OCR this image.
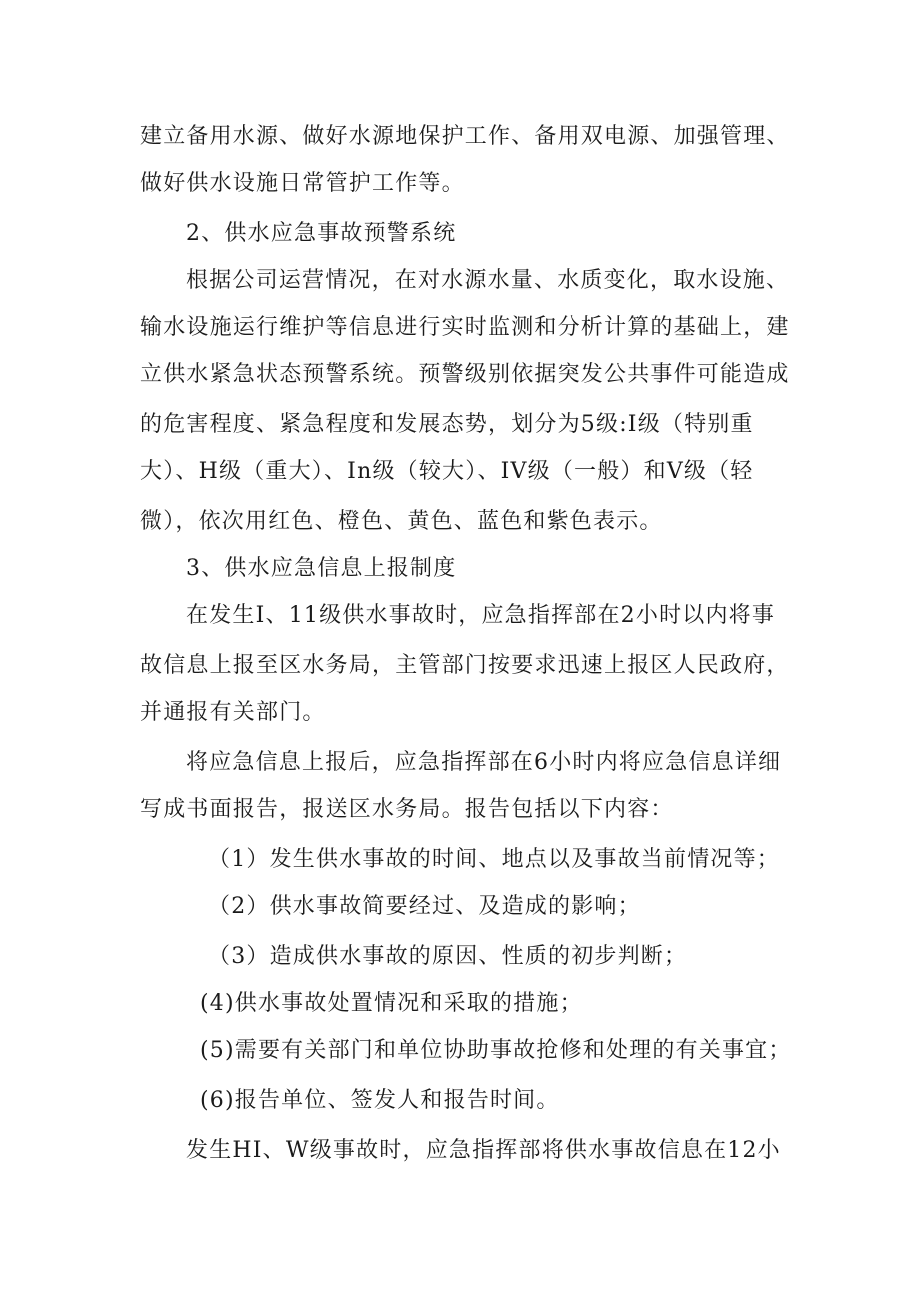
建立备用水源、做好水源地保护工作、备用双电源、加强管理、
做好供水设施日常管护工作等。
2、供水应急事故预警系统
根据公司运营情况，在对水源水量、水质变化，取水设施、
输水设施运行维护等信息进行实时监测和分析计算的基础上，建
立供水紧急状态预警系统。预警级别依据突发公共事件可能造成
的危害程度、紧急程度和发展态势，划分为5级:I级（特别重
大）、H级（重大）、In级（较大）、IV级（一般）和V级（轻
微），依次用红色、橙色、黄色、蓝色和紫色表示。
3、供水应急信息上报制度
在发生I、11级供水事故时，应急指挥部在2小时以内将事
故信息上报至区水务局，主管部门按要求迅速上报区人民政府，
并通报有关部门。
将应急信息上报后，应急指挥部在6小时内将应急信息详细
写成书面报告，报送区水务局。报告包括以下内容：
（1）发生供水事故的时间、地点以及事故当前情况等；
（2）供水事故简要经过、及造成的影响；
（3）造成供水事故的原因、性质的初步判断；
(4)供水事故处置情况和采取的措施；
(5)需要有关部门和单位协助事故抢修和处理的有关事宜；
(6)报告单位、签发人和报告时间。
发生HI、W级事故时，应急指挥部将供水事故信息在12小
